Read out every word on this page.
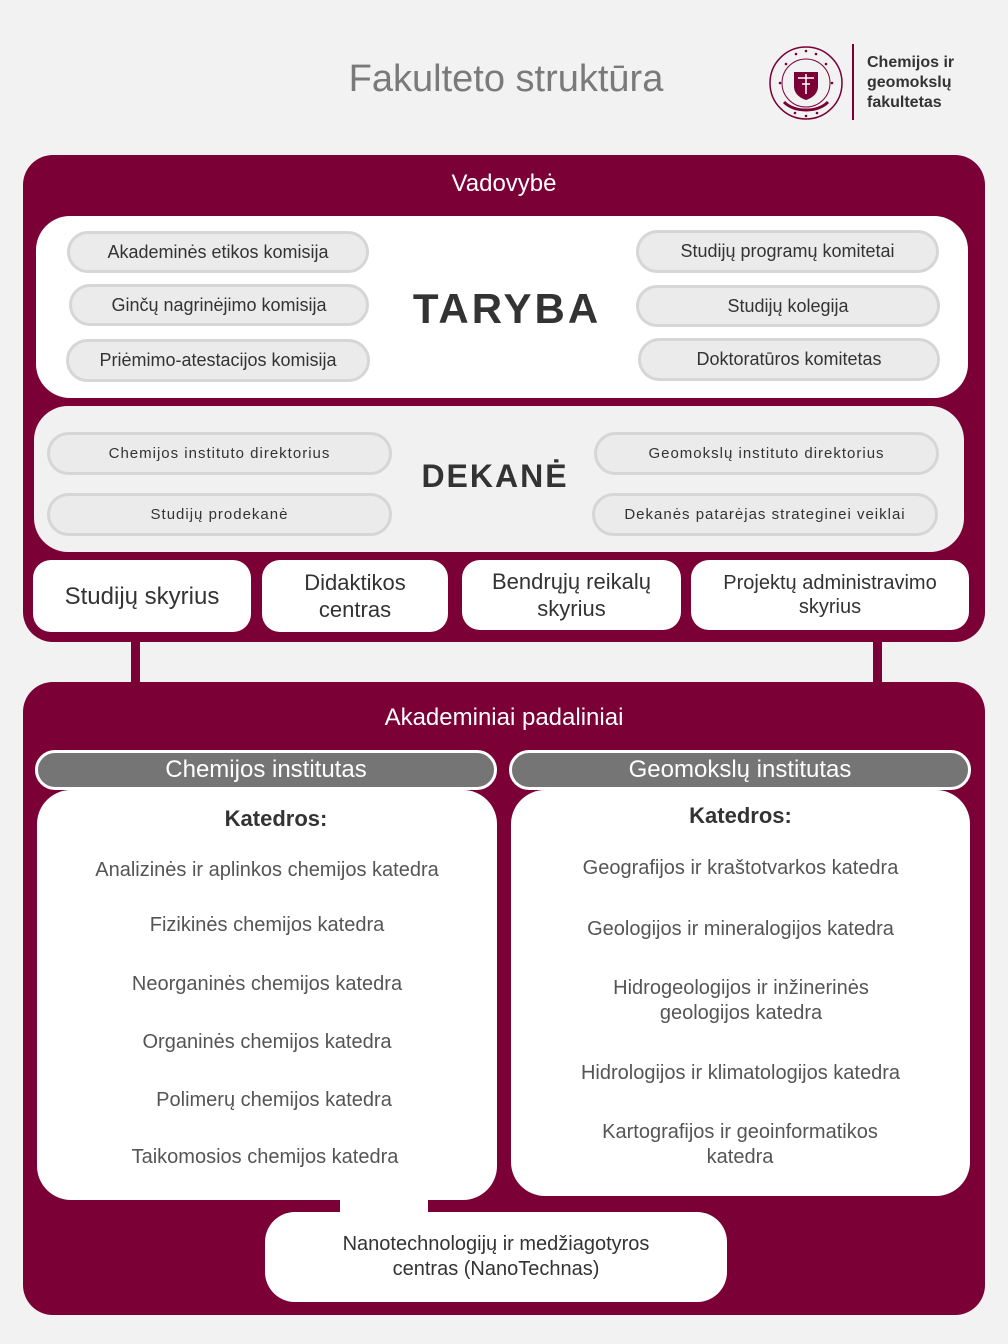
Fakulteto struktūra	Chemijos ir
geomokslų
fakultetas
Vadovybė
TARYBA
Akademinės etikos komisija
Ginčų nagrinėjimo komisija
Priėmimo-atestacijos komisija
Studijų programų komitetai
Studijų kolegija
Doktoratūros komitetas
DEKANĖ
Chemijos instituto direktorius
Studijų prodekanė
Geomokslų instituto direktorius
Dekanės patarėjas strateginei veiklai
Studijų skyrius	Didaktikos centras
Bendrųjų reikalų skyrius
Projektų administravimo skyrius
Akademiniai padaliniai
Chemijos institutas	Geomokslų institutas
Katedros:
Analizinės ir aplinkos chemijos katedra
Fizikinės chemijos katedra
Neorganinės chemijos katedra
Organinės chemijos katedra
Polimerų chemijos katedra
Taikomosios chemijos katedra
Katedros:
Geografijos ir kraštotvarkos katedra
Geologijos ir mineralogijos katedra
Hidrogeologijos ir inžinerinės geologijos katedra
Hidrologijos ir klimatologijos katedra
Kartografijos ir geoinformatikos katedra
Nanotechnologijų ir medžiagotyros centras (NanoTechnas)
